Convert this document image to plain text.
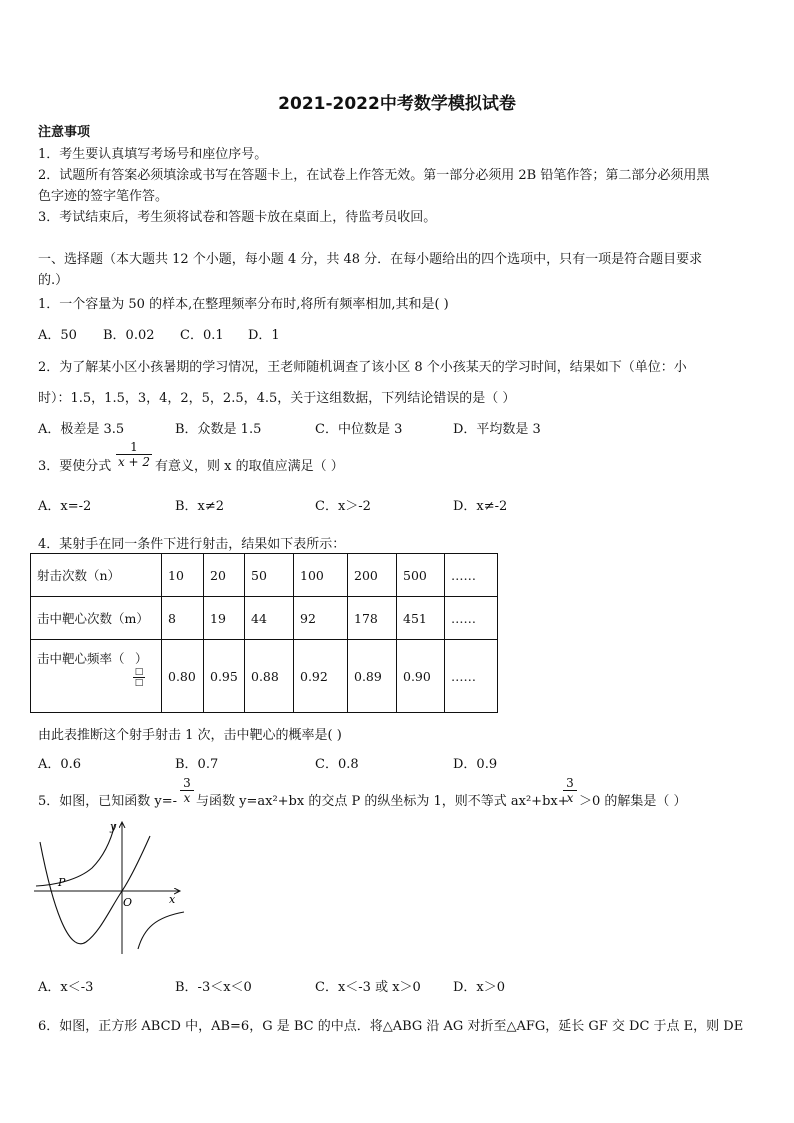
2021-2022中考数学模拟试卷
注意事项
1．考生要认真填写考场号和座位序号。
2．试题所有答案必须填涂或书写在答题卡上，在试卷上作答无效。第一部分必须用 2B 铅笔作答；第二部分必须用黑
色字迹的签字笔作答。
3．考试结束后，考生须将试卷和答题卡放在桌面上，待监考员收回。
一、选择题（本大题共 12 个小题，每小题 4 分，共 48 分．在每小题给出的四个选项中，只有一项是符合题目要求
的.）
1．一个容量为 50 的样本,在整理频率分布时,将所有频率相加,其和是( )
A．50 B．0.02 C．0.1 D．1
2．为了解某小区小孩暑期的学习情况，王老师随机调查了该小区 8 个小孩某天的学习时间，结果如下（单位：小
时）：1.5，1.5，3，4，2，5，2.5，4.5，关于这组数据，下列结论错误的是（ ）
A．极差是 3.5	B．众数是 1.5	C．中位数是 3	D．平均数是 3
3．要使分式 $\frac{1}{x + 2}$ 有意义，则 x 的取值应满足（ ）
A．x=-2	B．x≠2	C．x＞-2	D．x≠-2
4．某射手在同一条件下进行射击，结果如下表所示：
射击次数（n）	10	20	50	100	200	500	……
击中靶心次数（m）	8	19	44	92	178	451	……

击中靶心频率（ ）
□
□	0.80	0.95	0.88	0.92	0.89	0.90	……
由此表推断这个射手射击 1 次，击中靶心的概率是( )
A．0.6	B．0.7	C．0.8	D．0.9
5．如图，已知函数 $y=- \frac{3}{x}$ 与函数 y=ax²+bx 的交点 P 的纵坐标为 1，则不等式 ax²+bx+
$\frac{3}{x} >0$ 的解集是（ ）
y
x
O
P
A．x＜-3	B．-3＜x＜0	C．x＜-3 或 x＞0 D．x＞0
6．如图，正方形 ABCD 中，AB=6，G 是 BC 的中点．将△ABG 沿 AG 对折至△AFG，延长 GF 交 DC 于点 E，则 DE
